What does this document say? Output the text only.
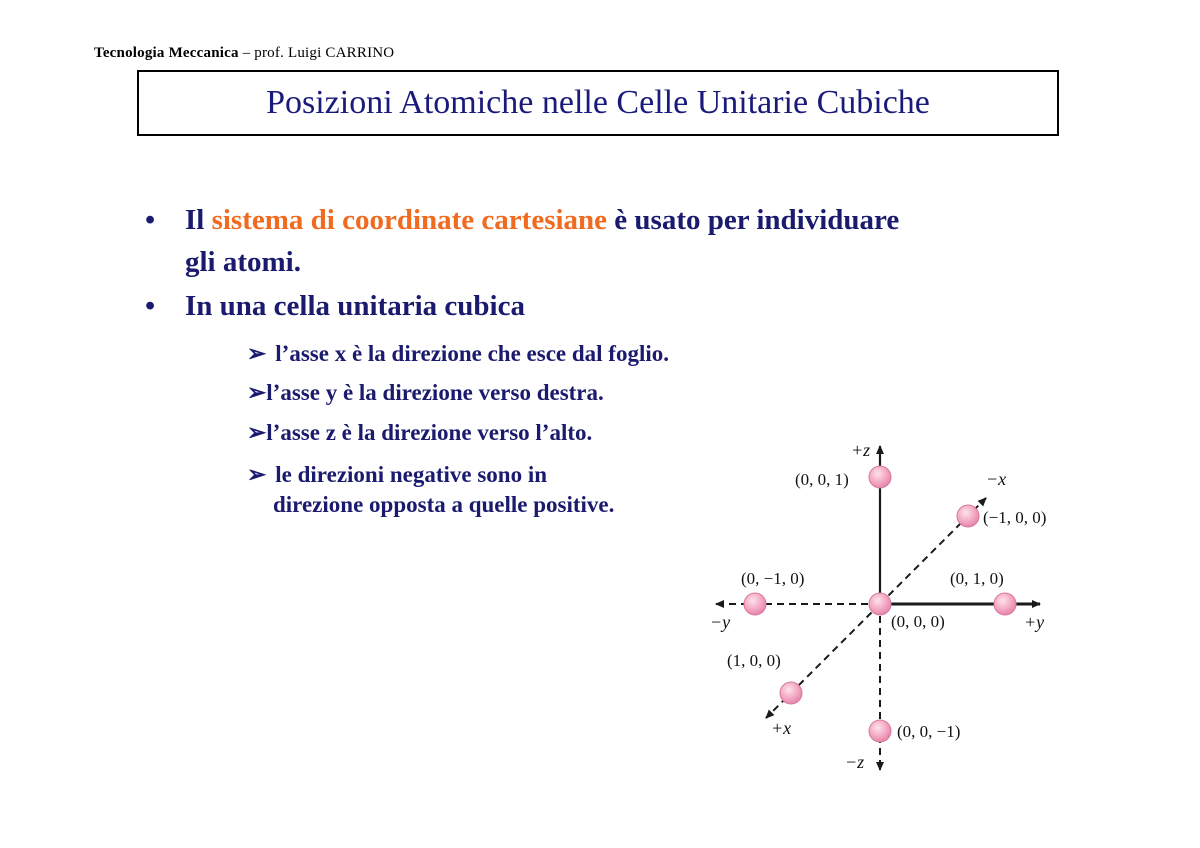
Tecnologia Meccanica – prof. Luigi CARRINO
Posizioni Atomiche nelle Celle Unitarie Cubiche
• Il sistema di coordinate cartesiane è usato per individuare
gli atomi.
• In una cella unitaria cubica
➢ l’asse x è la direzione che esce dal foglio.
➢l’asse y è la direzione verso destra.
➢l’asse z è la direzione verso l’alto.
➢ le direzioni negative sono in
direzione opposta a quelle positive.
+z
−z
+y
−y
+x
−x
(0, 0, 1)
(−1, 0, 0)
(0, −1, 0)	(0, 1, 0)
(0, 0, 0)
(1, 0, 0)
(0, 0, −1)
